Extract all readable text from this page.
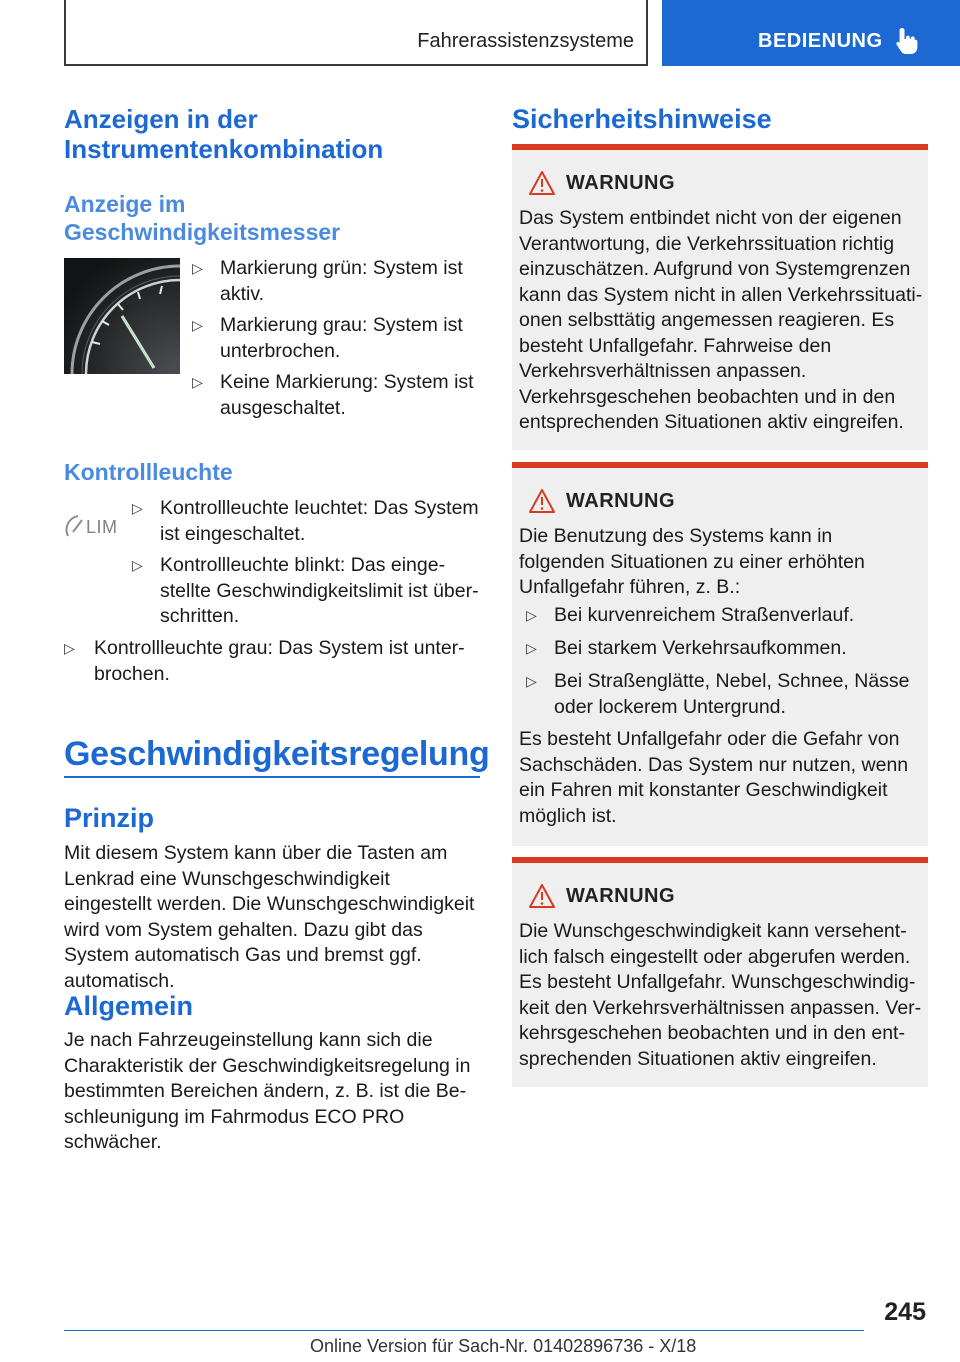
Fahrerassistenzsysteme	BEDIENUNG
Anzeigen in der Instrumentenkombination
Anzeige im Geschwindigkeitsmesser
▷ Markierung grün: System ist aktiv.
▷ Markierung grau: System ist unterbrochen.
▷ Keine Markierung: System ist ausgeschaltet.
Kontrollleuchte
LIM
▷ Kontrollleuchte leuchtet: Das System ist eingeschaltet.
▷ Kontrollleuchte blinkt: Das eingestellte Geschwindigkeitslimit ist überschritten.
▷ Kontrollleuchte grau: Das System ist unterbrochen.
Geschwindigkeitsregelung
Prinzip
Mit diesem System kann über die Tasten am Lenkrad eine Wunschgeschwindigkeit eingestellt werden. Die Wunschgeschwindigkeit wird vom System gehalten. Dazu gibt das System automatisch Gas und bremst ggf. automatisch.
Allgemein
Je nach Fahrzeugeinstellung kann sich die Charakteristik der Geschwindigkeitsregelung in bestimmten Bereichen ändern, z. B. ist die Beschleunigung im Fahrmodus ECO PRO schwächer.
Sicherheitshinweise
WARNUNG
Das System entbindet nicht von der eigenen Verantwortung, die Verkehrssituation richtig einzuschätzen. Aufgrund von Systemgrenzen kann das System nicht in allen Verkehrssituationen selbsttätig angemessen reagieren. Es besteht Unfallgefahr. Fahrweise den Verkehrsverhältnissen anpassen. Verkehrsgeschehen beobachten und in den entsprechenden Situationen aktiv eingreifen.
WARNUNG
Die Benutzung des Systems kann in folgenden Situationen zu einer erhöhten Unfallgefahr führen, z. B.:
▷ Bei kurvenreichem Straßenverlauf.
▷ Bei starkem Verkehrsaufkommen.
▷ Bei Straßenglätte, Nebel, Schnee, Nässe oder lockerem Untergrund.
Es besteht Unfallgefahr oder die Gefahr von Sachschäden. Das System nur nutzen, wenn ein Fahren mit konstanter Geschwindigkeit möglich ist.
WARNUNG
Die Wunschgeschwindigkeit kann versehentlich falsch eingestellt oder abgerufen werden. Es besteht Unfallgefahr. Wunschgeschwindigkeit den Verkehrsverhältnissen anpassen. Verkehrsgeschehen beobachten und in den entsprechenden Situationen aktiv eingreifen.
245
Online Version für Sach-Nr. 01402896736 - X/18
